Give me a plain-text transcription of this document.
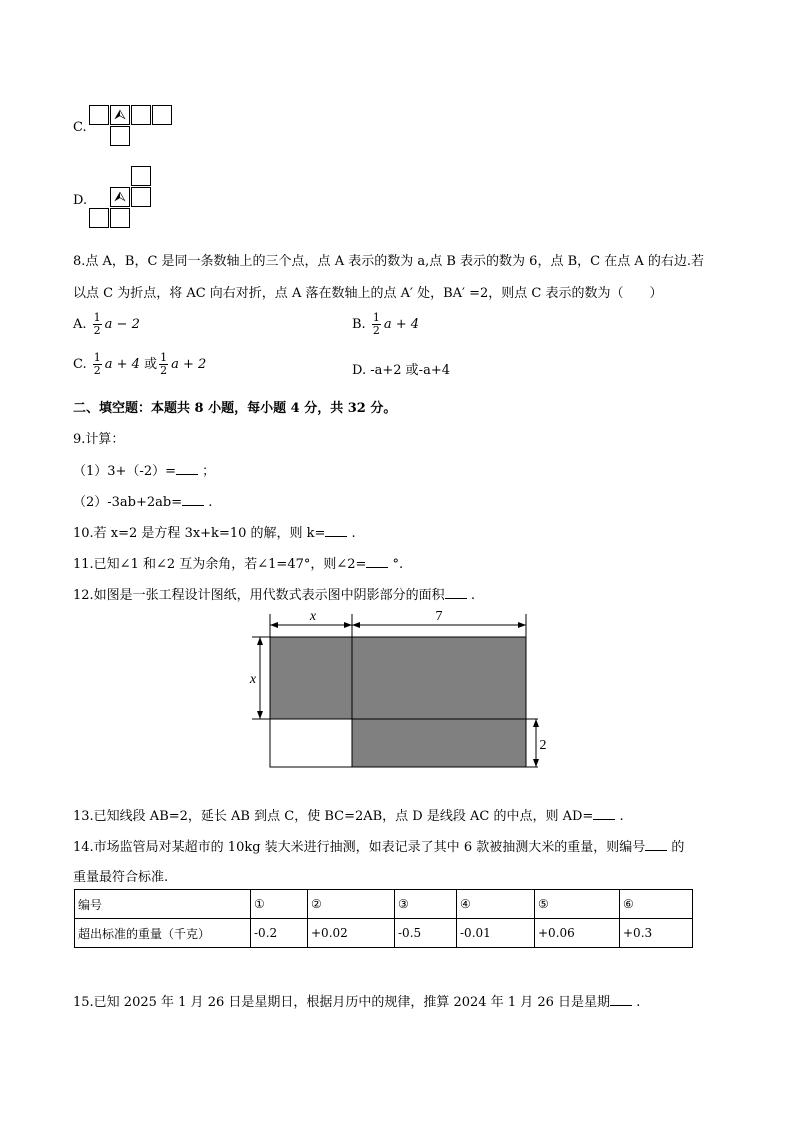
C.
⮙
D. ⮙
8.点 A，B，C 是同一条数轴上的三个点，点 A 表示的数为 a,点 B 表示的数为 6，点 B，C 在点 A 的右边.若
以点 C 为折点，将 AC 向右对折，点 A 落在数轴上的点 A′ 处，BA′ =2，则点 C 表示的数为（　　）
A. $\frac{1}{2}$ a − 2	B. $\frac{1}{2}$ a + 4
C. $\frac{1}{2}$ a + 4 或 $\frac{1}{2}$ a + 2	D. -a+2 或-a+4
二、填空题：本题共 8 小题，每小题 4 分，共 32 分。
9.计算：
（1）3+（-2）= ；
（2）-3ab+2ab= .
10.若 x=2 是方程 3x+k=10 的解，则 k= .
11.已知∠1 和∠2 互为余角，若∠1=47°，则∠2= °.
12.如图是一张工程设计图纸，用代数式表示图中阴影部分的面积 .
x	7
x
2
13.已知线段 AB=2，延长 AB 到点 C，使 BC=2AB，点 D 是线段 AC 的中点，则 AD= .
14.市场监管局对某超市的 10kg 装大米进行抽测，如表记录了其中 6 款被抽测大米的重量，则编号 的
重量最符合标准.
编号	①	②	③	④	⑤	⑥
超出标准的重量（千克）	-0.2	+0.02	-0.5	-0.01	+0.06	+0.3
15.已知 2025 年 1 月 26 日是星期日，根据月历中的规律，推算 2024 年 1 月 26 日是星期 .
